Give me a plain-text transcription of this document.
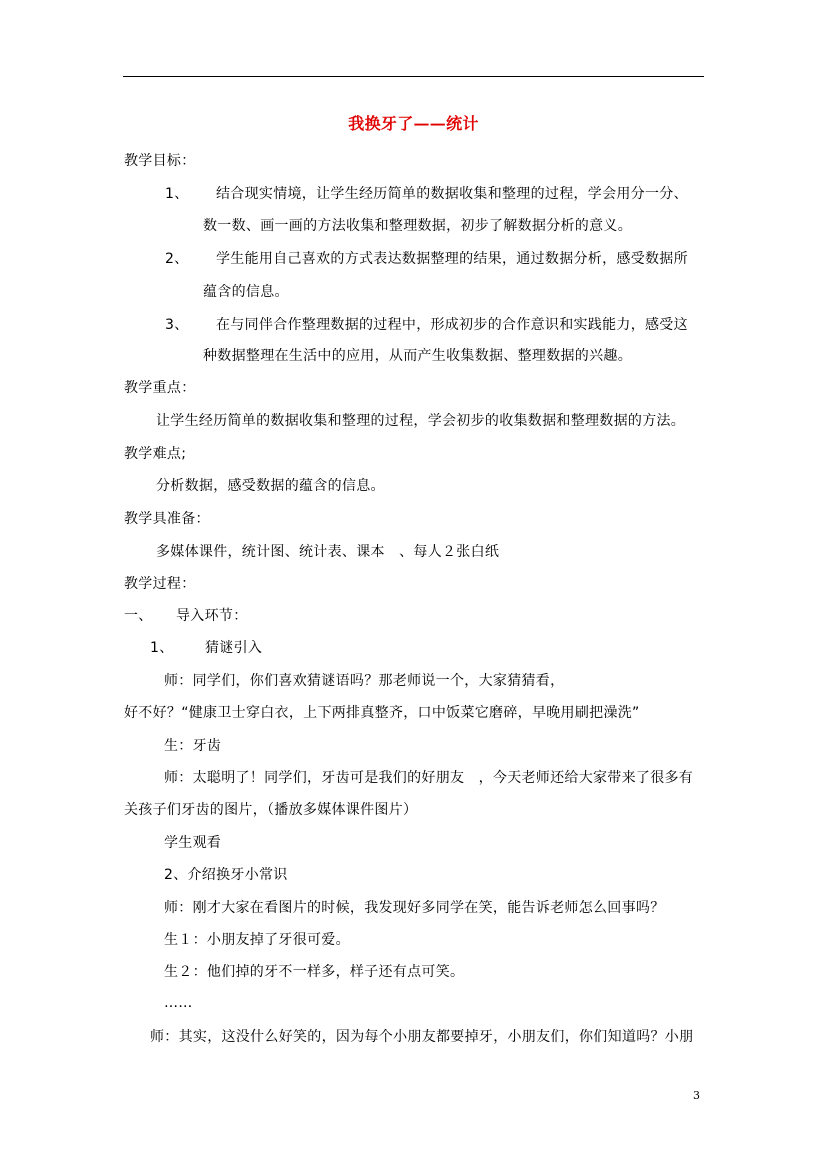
我换牙了——统计
教学目标：
1、 结合现实情境，让学生经历简单的数据收集和整理的过程，学会用分一分、
数一数、画一画的方法收集和整理数据，初步了解数据分析的意义。
2、 学生能用自己喜欢的方式表达数据整理的结果，通过数据分析，感受数据所
蕴含的信息。
3、 在与同伴合作整理数据的过程中，形成初步的合作意识和实践能力，感受这
种数据整理在生活中的应用，从而产生收集数据、整理数据的兴趣。
教学重点：
让学生经历简单的数据收集和整理的过程，学会初步的收集数据和整理数据的方法。
教学难点;
分析数据，感受数据的蕴含的信息。
教学具准备：
多媒体课件，统计图、统计表、课本　、每人２张白纸
教学过程：
一、 导入环节：
1、 猜谜引入
师：同学们，你们喜欢猜谜语吗？那老师说一个，大家猜猜看，
好不好？“健康卫士穿白衣，上下两排真整齐，口中饭菜它磨碎，早晚用刷把澡洗”
生：牙齿
师：太聪明了！同学们，牙齿可是我们的好朋友　，今天老师还给大家带来了很多有
关孩子们牙齿的图片，（播放多媒体课件图片）
学生观看
2、介绍换牙小常识
师：刚才大家在看图片的时候，我发现好多同学在笑，能告诉老师怎么回事吗？
生１：小朋友掉了牙很可爱。
生２：他们掉的牙不一样多，样子还有点可笑。
……
师：其实，这没什么好笑的，因为每个小朋友都要掉牙，小朋友们，你们知道吗？小朋
3
